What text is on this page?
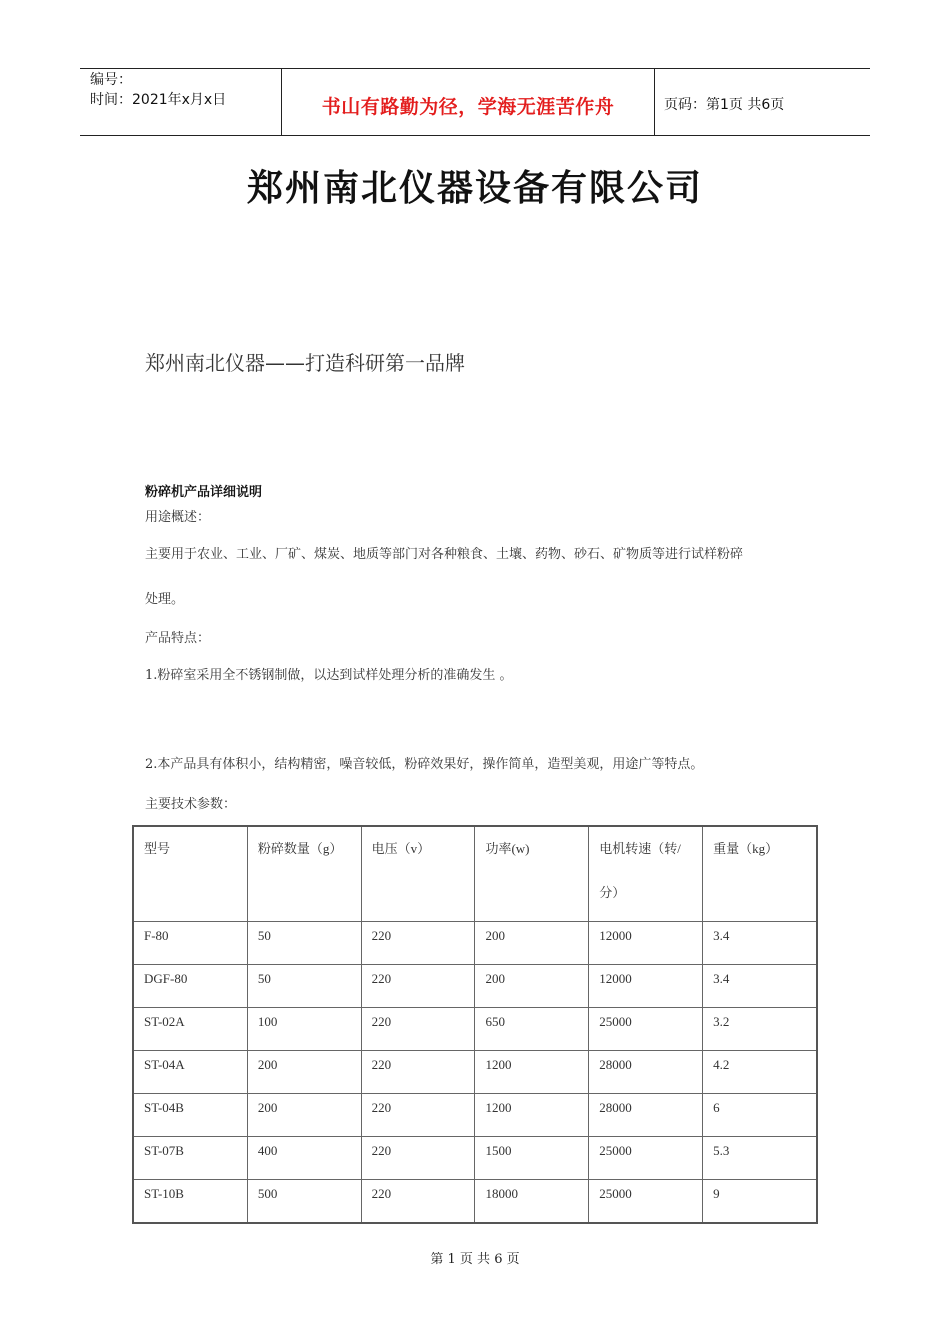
编号：
时间：2021年x月x日	书山有路勤为径，学海无涯苦作舟	页码：第1页 共6页
郑州南北仪器设备有限公司
郑州南北仪器——打造科研第一品牌
粉碎机产品详细说明
用途概述：
主要用于农业、工业、厂矿、煤炭、地质等部门对各种粮食、土壤、药物、砂石、矿物质等进行试样粉碎
处理。
产品特点：
1.粉碎室采用全不锈钢制做，以达到试样处理分析的准确发生 。
2.本产品具有体积小，结构精密，噪音较低，粉碎效果好，操作简单，造型美观，用途广等特点。
主要技术参数：
型号	粉碎数量（g）	电压（v）	功率(w)	电机转速（转/分）	重量（kg）
F-80	50	220	200	12000	3.4
DGF-80	50	220	200	12000	3.4
ST-02A	100	220	650	25000	3.2
ST-04A	200	220	1200	28000	4.2
ST-04B	200	220	1200	28000	6
ST-07B	400	220	1500	25000	5.3
ST-10B	500	220	18000	25000	9
第 1 页 共 6 页
